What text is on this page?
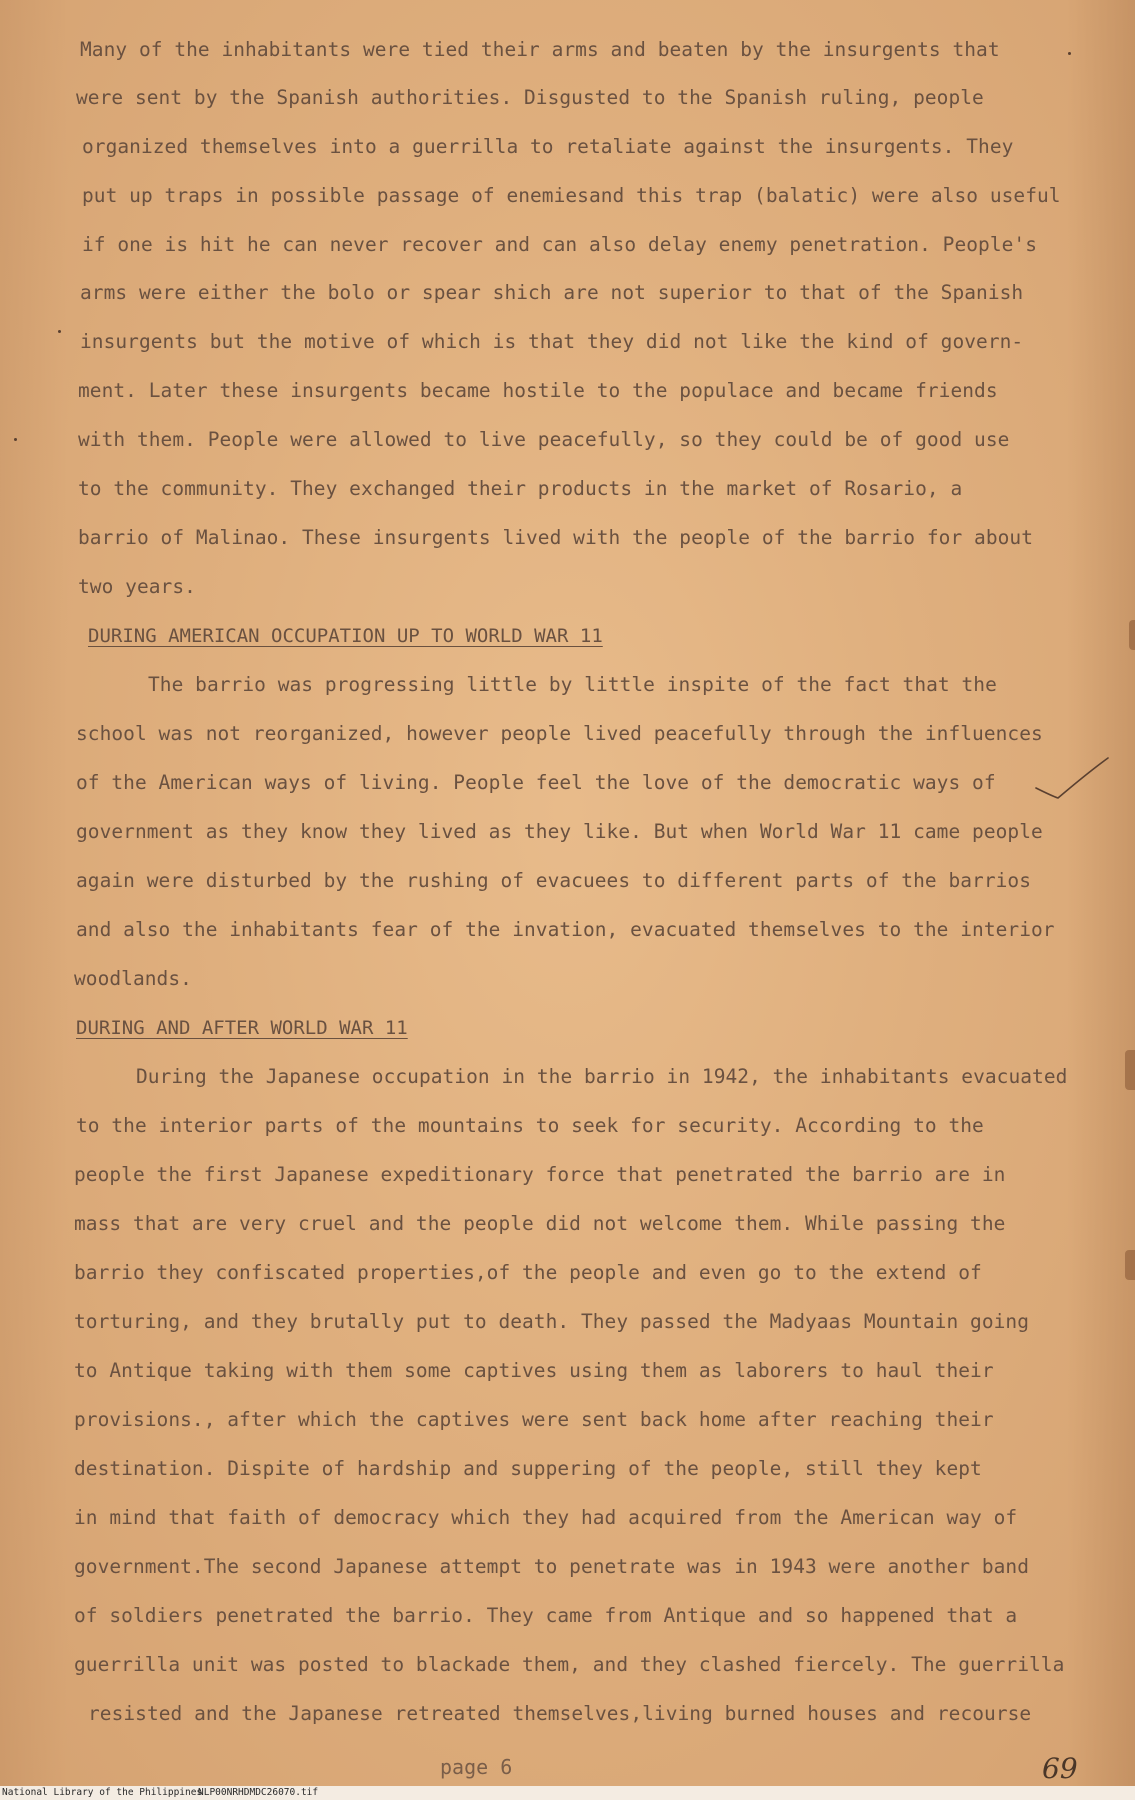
Many of the inhabitants were tied their arms and beaten by the insurgents that
were sent by the Spanish authorities. Disgusted to the Spanish ruling, people
organized themselves into a guerrilla to retaliate against the insurgents. They
put up traps in possible passage of enemiesand this trap (balatic) were also useful
if one is hit he can never recover and can also delay enemy penetration. People's
arms were either the bolo or spear shich are not superior to that of the Spanish
insurgents but the motive of which is that they did not like the kind of govern-
ment. Later these insurgents became hostile to the populace and became friends
with them. People were allowed to live peacefully, so they could be of good use
to the community. They exchanged their products in the market of Rosario, a
barrio of Malinao. These insurgents lived with the people of the barrio for about
two years.
DURING AMERICAN OCCUPATION UP TO WORLD WAR 11
The barrio was progressing little by little inspite of the fact that the
school was not reorganized, however people lived peacefully through the influences
of the American ways of living. People feel the love of the democratic ways of
government as they know they lived as they like. But when World War 11 came people
again were disturbed by the rushing of evacuees to different parts of the barrios
and also the inhabitants fear of the invation, evacuated themselves to the interior
woodlands.
DURING AND AFTER WORLD WAR 11
During the Japanese occupation in the barrio in 1942, the inhabitants evacuated
to the interior parts of the mountains to seek for security. According to the
people the first Japanese expeditionary force that penetrated the barrio are in
mass that are very cruel and the people did not welcome them. While passing the
barrio they confiscated properties,of the people and even go to the extend of
torturing, and they brutally put to death. They passed the Madyaas Mountain going
to Antique taking with them some captives using them as laborers to haul their
provisions., after which the captives were sent back home after reaching their
destination. Dispite of hardship and suppering of the people, still they kept
in mind that faith of democracy which they had acquired from the American way of
government.The second Japanese attempt to penetrate was in 1943 were another band
of soldiers penetrated the barrio. They came from Antique and so happened that a
guerrilla unit was posted to blackade them, and they clashed fiercely. The guerrilla
resisted and the Japanese retreated themselves,living burned houses and recourse
page 6	69
National Library of the Philippines
NLP00NRHDMDC26070.tif
